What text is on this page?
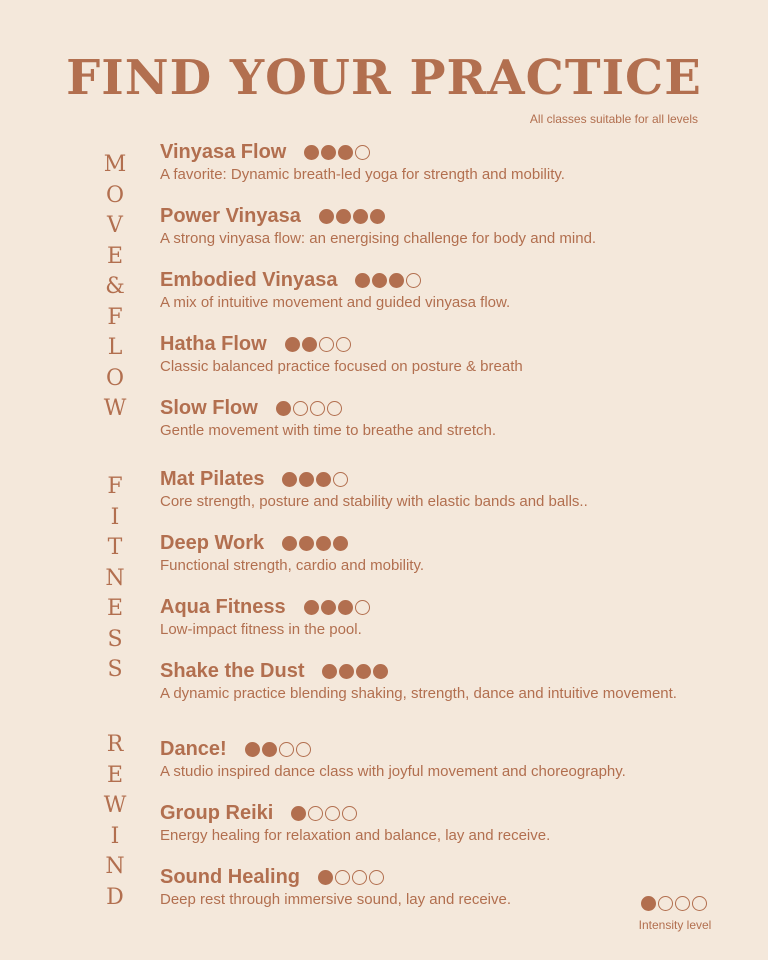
FIND YOUR PRACTICE
All classes suitable for all levels
M
O
V
E
&
F
L
O
W
F
I
T
N
E
S
S
R
E
W
I
N
D
Vinyasa Flow
A favorite: Dynamic breath-led yoga for strength and mobility.
Power Vinyasa
A strong vinyasa flow: an energising challenge for body and mind.
Embodied Vinyasa
A mix of intuitive movement and guided vinyasa flow.
Hatha Flow
Classic balanced practice focused on posture & breath
Slow Flow
Gentle movement with time to breathe and stretch.
Mat Pilates
Core strength, posture and stability with elastic bands and balls..
Deep Work
Functional strength, cardio and mobility.
Aqua Fitness
Low-impact fitness in the pool.
Shake the Dust
A dynamic practice blending shaking, strength, dance and intuitive movement.
Dance!
A studio inspired dance class with joyful movement and choreography.
Group Reiki
Energy healing for relaxation and balance, lay and receive.
Sound Healing
Deep rest through immersive sound, lay and receive.
Intensity level
